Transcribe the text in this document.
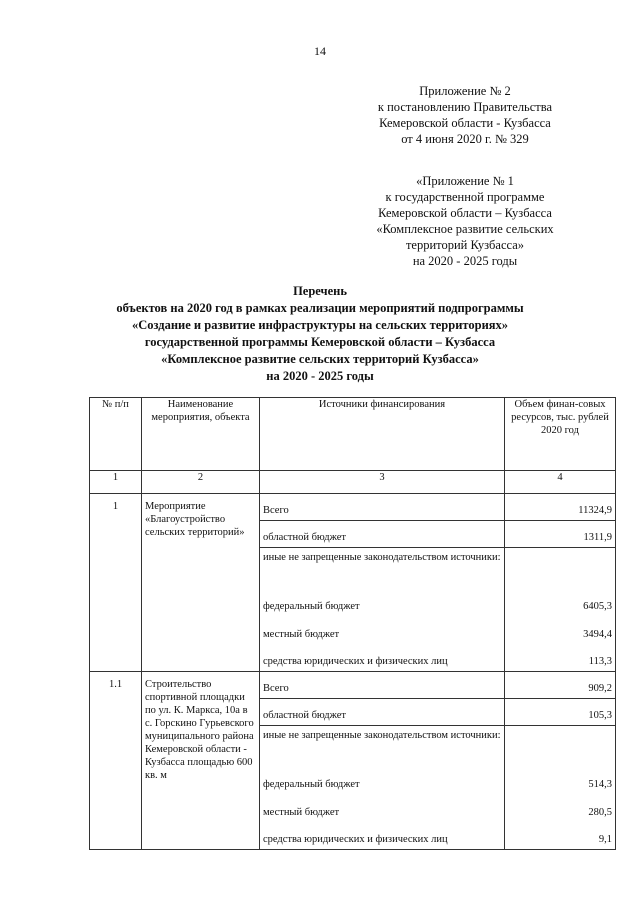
14
Приложение № 2
к постановлению Правительства
Кемеровской области - Кузбасса
от 4 июня 2020 г. № 329
«Приложение № 1
к государственной программе
Кемеровской области – Кузбасса
«Комплексное развитие сельских
территорий Кузбасса»
на 2020 - 2025 годы
Перечень
объектов на 2020 год в рамках реализации мероприятий подпрограммы
«Создание и развитие инфраструктуры на сельских территориях»
государственной программы Кемеровской области – Кузбасса
«Комплексное развитие сельских территорий Кузбасса»
на 2020 - 2025 годы
№ п/п	Наименование мероприятия, объекта	Источники финансирования	Объем финан-совых ресурсов, тыс. рублей 2020 год
1	2	3	4
1	Мероприятие «Благоустройство сельских территорий»	Всего	11324,9
		областной бюджет	1311,9
		иные не запрещенные законодательством источники:	
		федеральный бюджет	6405,3
		местный бюджет	3494,4
		средства юридических и физических лиц	113,3
1.1	Строительство спортивной площадки по ул. К. Маркса, 10а в с. Горскино Гурьевского муниципального района Кемеровской области - Кузбасса площадью 600 кв. м	Всего	909,2
		областной бюджет	105,3
		иные не запрещенные законодательством источники:	
		федеральный бюджет	514,3
		местный бюджет	280,5
		средства юридических и физических лиц	9,1
